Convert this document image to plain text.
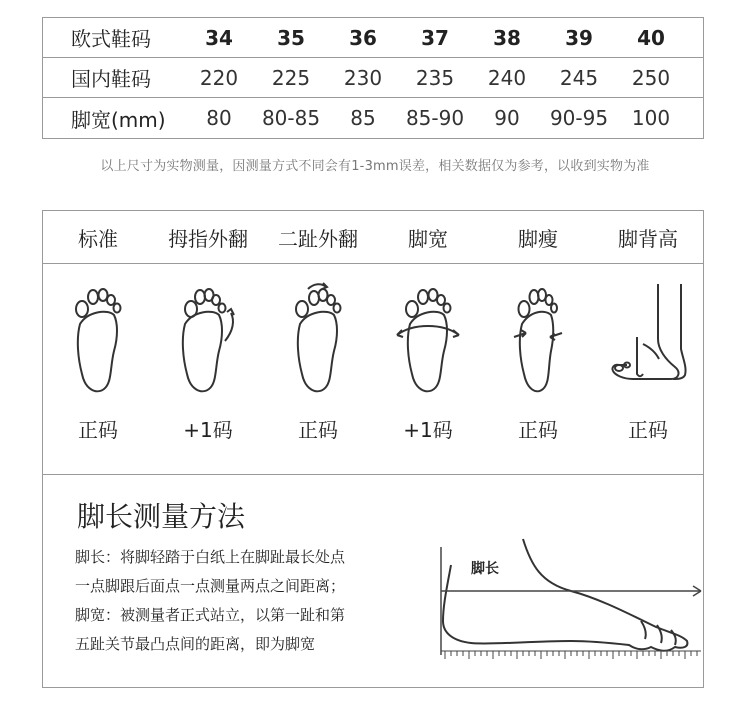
欧式鞋码	34	35	36	37	38	39	40
国内鞋码	220	225	230	235	240	245	250
脚宽(mm)	80	80-85	85	85-90	90	90-95	100
以上尺寸为实物测量，因测量方式不同会有1-3mm误差，相关数据仅为参考，以收到实物为准
标准	拇指外翻	二趾外翻	脚宽	脚瘦	脚背高
正码	+1码	正码	+1码	正码	正码
脚长测量方法

脚长：将脚轻踏于白纸上在脚趾最长处点

一点脚跟后面点一点测量两点之间距离；

脚宽：被测量者正式站立，以第一趾和第

五趾关节最凸点间的距离，即为脚宽

脚长
